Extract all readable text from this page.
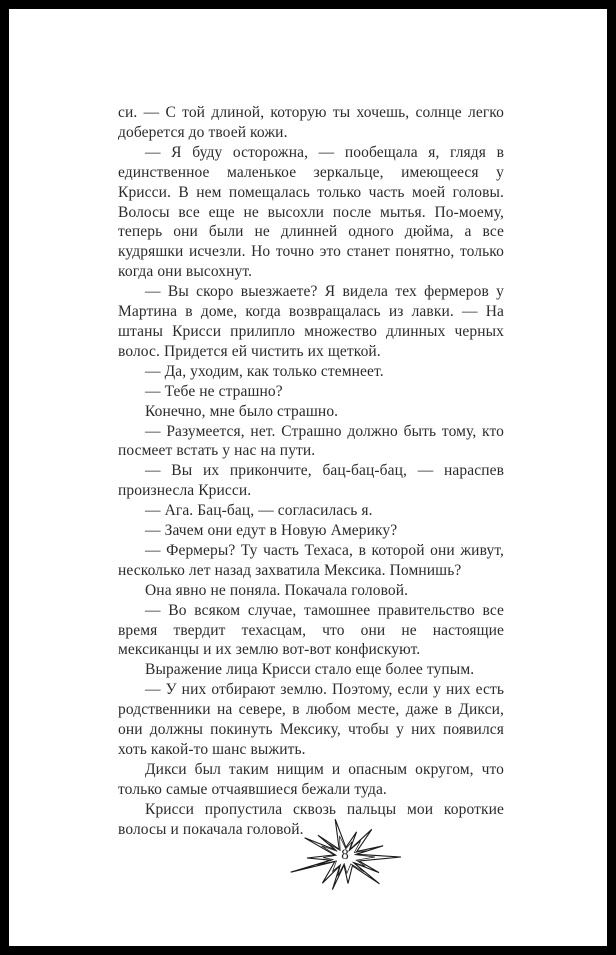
си. — С той длиной, которую ты хочешь, солнце легко доберется до твоей кожи.

— Я буду осторожна, — пообещала я, глядя в единственное маленькое зеркальце, имеющееся у Крисси. В нем помещалась только часть моей головы. Волосы все еще не высохли после мытья. По-моему, теперь они были не длинней одного дюйма, а все кудряшки исчезли. Но точно это станет понятно, только когда они высохнут.

— Вы скоро выезжаете? Я видела тех фермеров у Мартина в доме, когда возвращалась из лавки. — На штаны Крисси прилипло множество длинных черных волос. Придется ей чистить их щеткой.

— Да, уходим, как только стемнеет.

— Тебе не страшно?

Конечно, мне было страшно.

— Разумеется, нет. Страшно должно быть тому, кто посмеет встать у нас на пути.

— Вы их прикончите, бац-бац-бац, — нараспев произнесла Крисси.

— Ага. Бац-бац, — согласилась я.

— Зачем они едут в Новую Америку?

— Фермеры? Ту часть Техаса, в которой они живут, несколько лет назад захватила Мексика. Помнишь?

Она явно не поняла. Покачала головой.

— Во всяком случае, тамошнее правительство все время твердит техасцам, что они не настоящие мексиканцы и их землю вот-вот конфискуют.

Выражение лица Крисси стало еще более тупым.

— У них отбирают землю. Поэтому, если у них есть родственники на севере, в любом месте, даже в Дикси, они должны покинуть Мексику, чтобы у них появился хоть какой-то шанс выжить.

Дикси был таким нищим и опасным округом, что только самые отчаявшиеся бежали туда.

Крисси пропустила сквозь пальцы мои короткие волосы и покачала головой.

8
